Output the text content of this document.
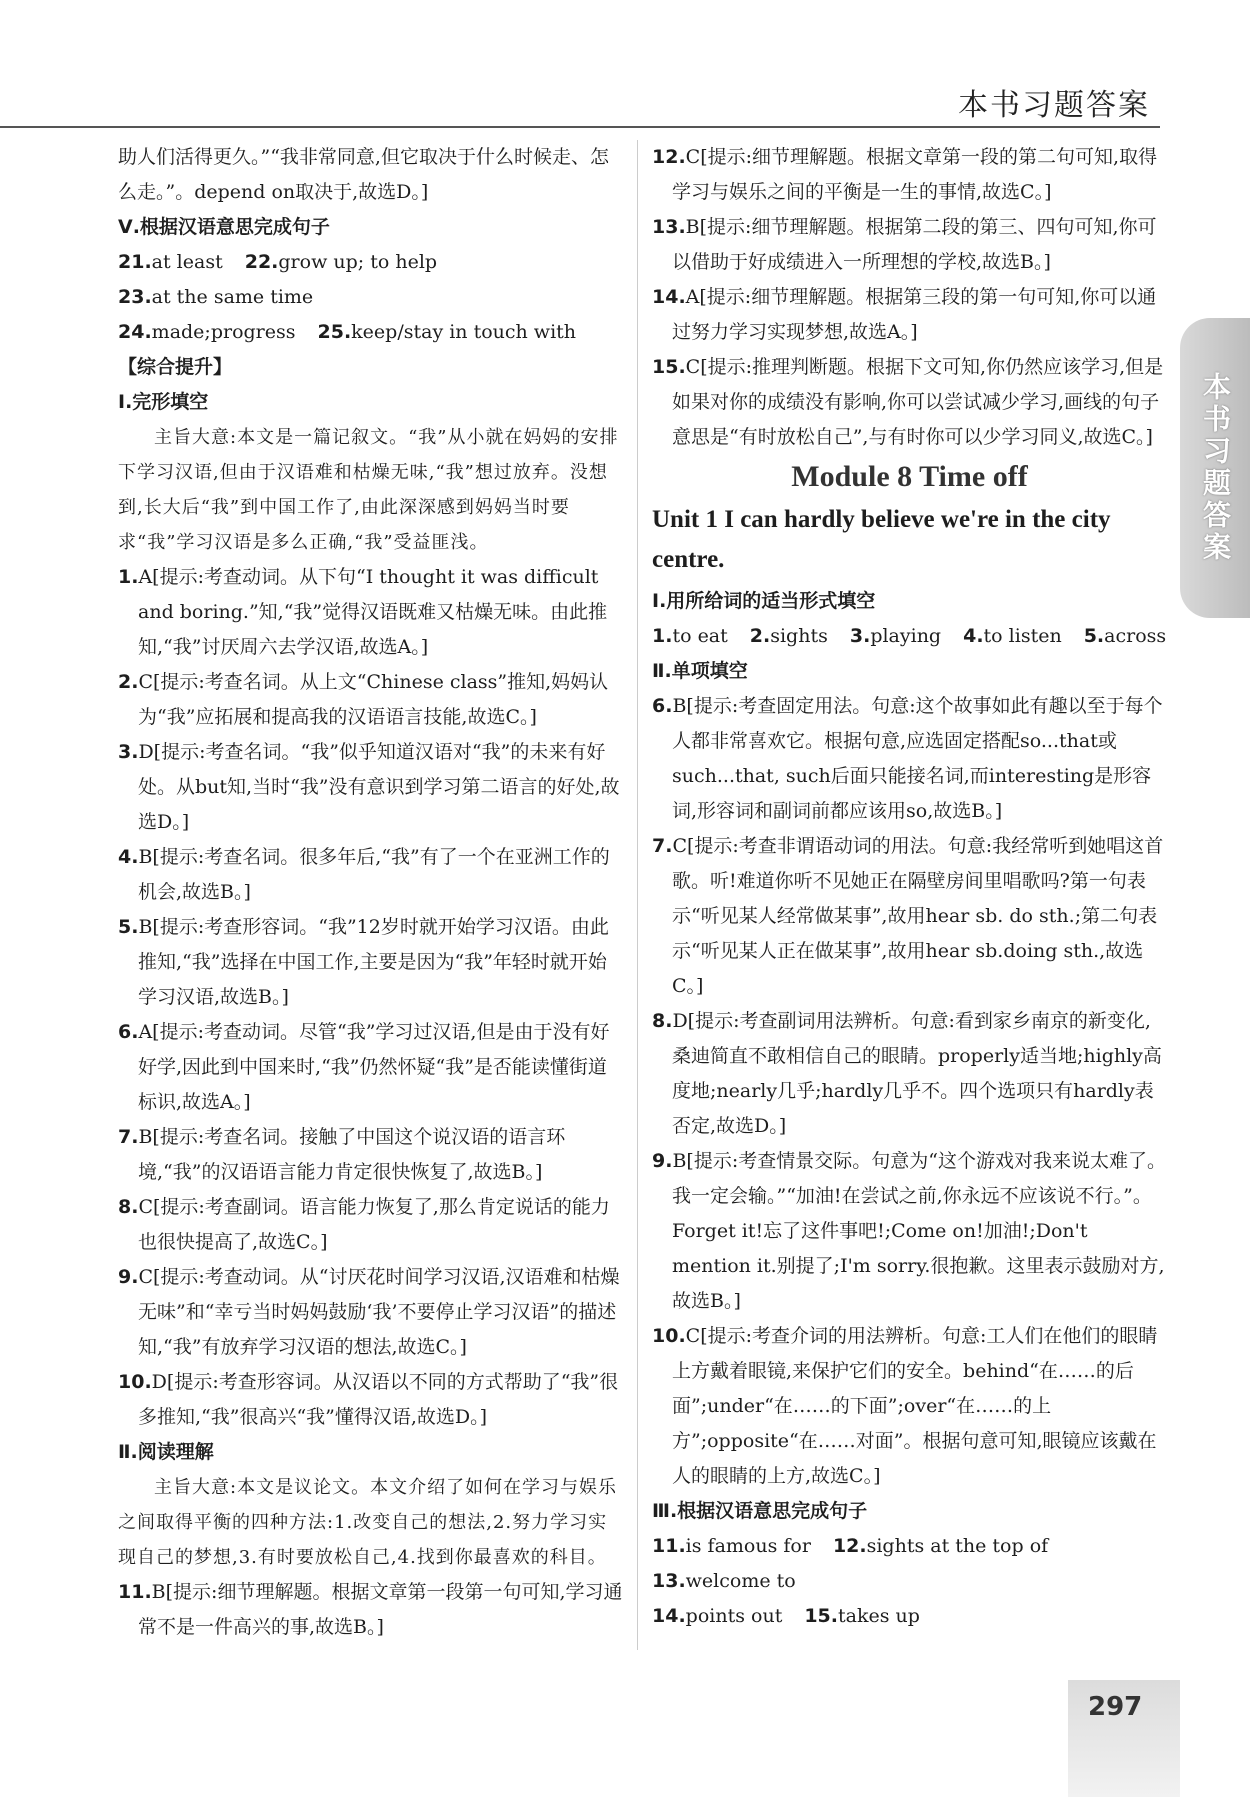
本书习题答案
本书习题答案

助人们活得更久。”“我非常同意,但它取决于什么时候走、怎么走。”。depend on取决于,故选D。]

Ⅴ.根据汉语意思完成句子

21.at least 22.grow up; to help
23.at the same time
24.made;progress 25.keep/stay in touch with

【综合提升】

Ⅰ.完形填空

主旨大意:本文是一篇记叙文。“我”从小就在妈妈的安排下学习汉语,但由于汉语难和枯燥无味,“我”想过放弃。没想到,长大后“我”到中国工作了,由此深深感到妈妈当时要求“我”学习汉语是多么正确,“我”受益匪浅。

1.A[提示:考查动词。从下句“I thought it was difficult and boring.”知,“我”觉得汉语既难又枯燥无味。由此推知,“我”讨厌周六去学汉语,故选A。]

2.C[提示:考查名词。从上文“Chinese class”推知,妈妈认为“我”应拓展和提高我的汉语语言技能,故选C。]

3.D[提示:考查名词。“我”似乎知道汉语对“我”的未来有好处。从but知,当时“我”没有意识到学习第二语言的好处,故选D。]

4.B[提示:考查名词。很多年后,“我”有了一个在亚洲工作的机会,故选B。]

5.B[提示:考查形容词。“我”12岁时就开始学习汉语。由此推知,“我”选择在中国工作,主要是因为“我”年轻时就开始学习汉语,故选B。]

6.A[提示:考查动词。尽管“我”学习过汉语,但是由于没有好好学,因此到中国来时,“我”仍然怀疑“我”是否能读懂街道标识,故选A。]

7.B[提示:考查名词。接触了中国这个说汉语的语言环境,“我”的汉语语言能力肯定很快恢复了,故选B。]

8.C[提示:考查副词。语言能力恢复了,那么肯定说话的能力也很快提高了,故选C。]

9.C[提示:考查动词。从“讨厌花时间学习汉语,汉语难和枯燥无味”和“幸亏当时妈妈鼓励‘我’不要停止学习汉语”的描述知,“我”有放弃学习汉语的想法,故选C。]

10.D[提示:考查形容词。从汉语以不同的方式帮助了“我”很多推知,“我”很高兴“我”懂得汉语,故选D。]

Ⅱ.阅读理解

主旨大意:本文是议论文。本文介绍了如何在学习与娱乐之间取得平衡的四种方法:1.改变自己的想法,2.努力学习实现自己的梦想,3.有时要放松自己,4.找到你最喜欢的科目。

11.B[提示:细节理解题。根据文章第一段第一句可知,学习通常不是一件高兴的事,故选B。]

12.C[提示:细节理解题。根据文章第一段的第二句可知,取得学习与娱乐之间的平衡是一生的事情,故选C。]

13.B[提示:细节理解题。根据第二段的第三、四句可知,你可以借助于好成绩进入一所理想的学校,故选B。]

14.A[提示:细节理解题。根据第三段的第一句可知,你可以通过努力学习实现梦想,故选A。]

15.C[提示:推理判断题。根据下文可知,你仍然应该学习,但是如果对你的成绩没有影响,你可以尝试减少学习,画线的句子意思是“有时放松自己”,与有时你可以少学习同义,故选C。]

Module 8 Time off

Unit 1 I can hardly believe we're in the city centre.

Ⅰ.用所给词的适当形式填空

1.to eat 2.sights 3.playing 4.to listen 5.across

Ⅱ.单项填空

6.B[提示:考查固定用法。句意:这个故事如此有趣以至于每个人都非常喜欢它。根据句意,应选固定搭配so...that或such...that, such后面只能接名词,而interesting是形容词,形容词和副词前都应该用so,故选B。]

7.C[提示:考查非谓语动词的用法。句意:我经常听到她唱这首歌。听!难道你听不见她正在隔壁房间里唱歌吗?第一句表示“听见某人经常做某事”,故用hear sb. do sth.;第二句表示“听见某人正在做某事”,故用hear sb.doing sth.,故选C。]

8.D[提示:考查副词用法辨析。句意:看到家乡南京的新变化,桑迪简直不敢相信自己的眼睛。properly适当地;highly高度地;nearly几乎;hardly几乎不。四个选项只有hardly表否定,故选D。]

9.B[提示:考查情景交际。句意为“这个游戏对我来说太难了。我一定会输。”“加油!在尝试之前,你永远不应该说不行。”。Forget it!忘了这件事吧!;Come on!加油!;Don't mention it.别提了;I'm sorry.很抱歉。这里表示鼓励对方,故选B。]

10.C[提示:考查介词的用法辨析。句意:工人们在他们的眼睛上方戴着眼镜,来保护它们的安全。behind“在……的后面”;under“在……的下面”;over“在……的上方”;opposite“在……对面”。根据句意可知,眼镜应该戴在人的眼睛的上方,故选C。]

Ⅲ.根据汉语意思完成句子

11.is famous for 12.sights at the top of
13.welcome to
14.points out 15.takes up
297
